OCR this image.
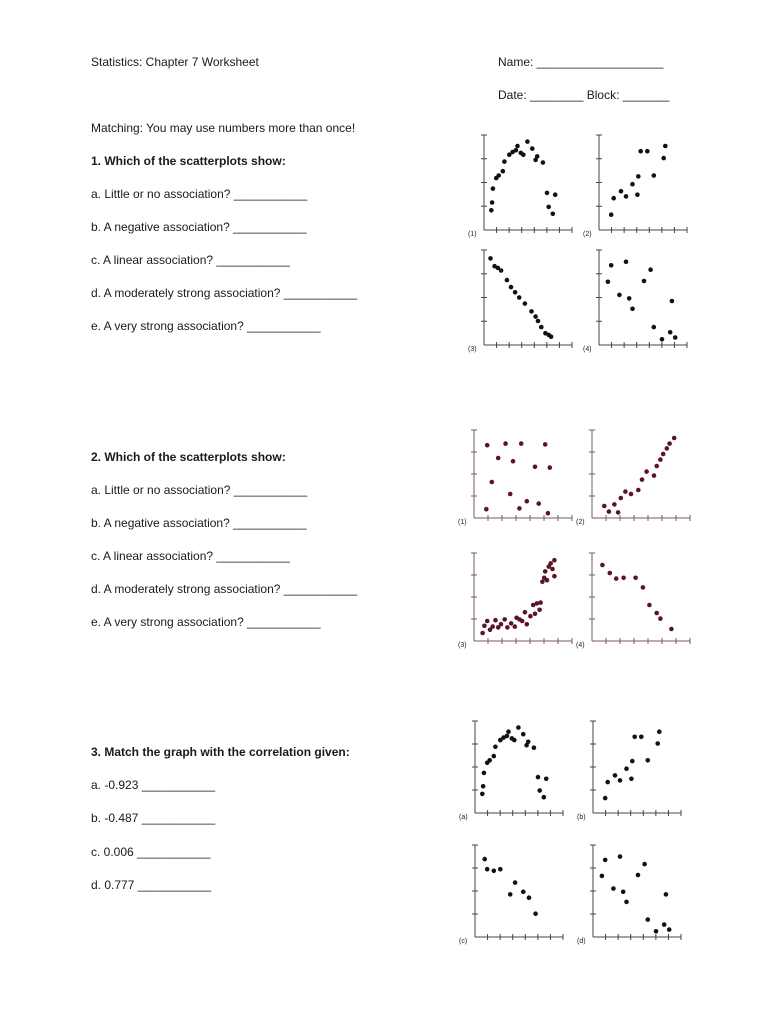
Statistics: Chapter 7 Worksheet	Name: ___________________
Date: ________ Block: _______
Matching: You may use numbers more than once!
1. Which of the scatterplots show:
a. Little or no association? ___________
b. A negative association? ___________
c. A linear association? ___________
d. A moderately strong association? ___________
e. A very strong association? ___________
2. Which of the scatterplots show:
a. Little or no association? ___________
b. A negative association? ___________
c. A linear association? ___________
d. A moderately strong association? ___________
e. A very strong association? ___________
3. Match the graph with the correlation given:
a. -0.923 ___________
b. -0.487 ___________
c. 0.006 ___________
d. 0.777 ___________
(1)	(2)
(3)	(4)
(1)	(2)
(3)	(4)
(a)	(b)
(c)	(d)
